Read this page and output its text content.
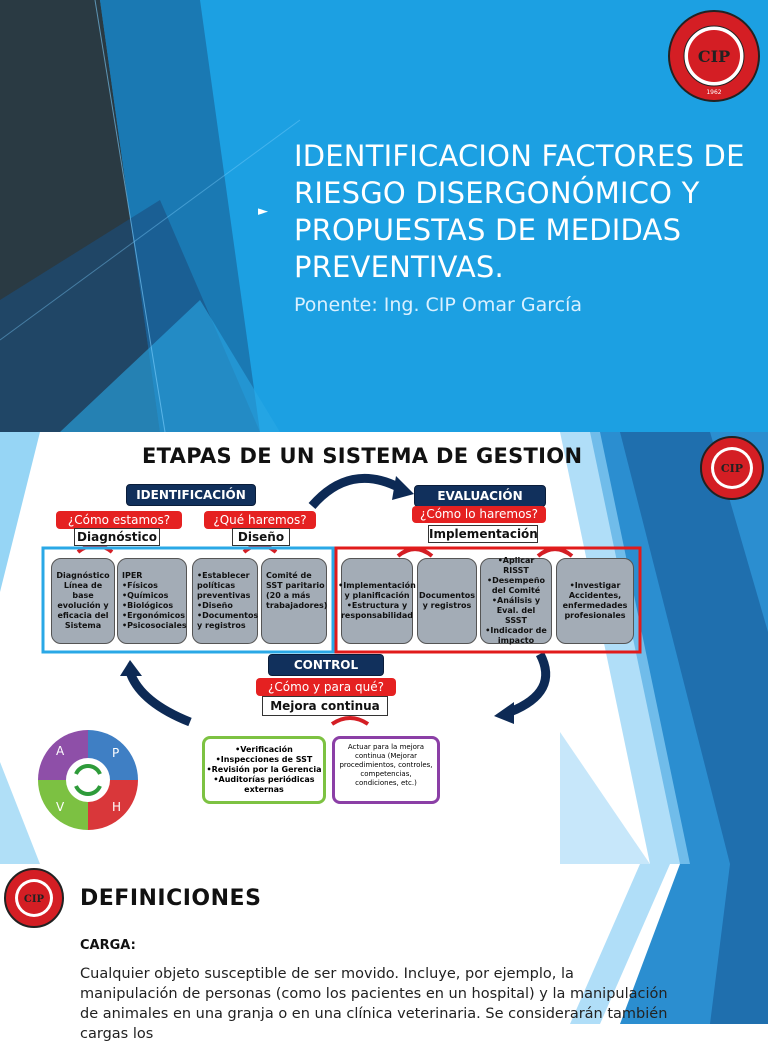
►
IDENTIFICACION FACTORES DE RIESGO DISERGONÓMICO Y PROPUESTAS DE MEDIDAS PREVENTIVAS.
Ponente: Ing. CIP Omar García
CIP
1962
ETAPAS DE UN SISTEMA DE GESTION
CIP
IDENTIFICACIÓN	EVALUACIÓN
CONTROL
¿Cómo estamos?	¿Qué haremos?	¿Cómo lo haremos?
¿Cómo y para qué?
Diagnóstico	Diseño	Implementación
Mejora continua
Diagnóstico Línea de base evolución y eficacia del Sistema
IPER
•Físicos
•Químicos
•Biológicos
•Ergonómicos
•Psicosociales
•Establecer políticas preventivas
•Diseño
•Documentos y registros
Comité de SST paritario (20 a más trabajadores)
•Implementación y planificación
•Estructura y responsabilidad
Documentos y registros
•Aplicar RISST
•Desempeño del Comité
•Análisis y Eval. del SSST
•Indicador de impacto
•Investigar Accidentes, enfermedades profesionales
•Verificación
•Inspecciones de SST
•Revisión por la Gerencia
•Auditorías periódicas externas
Actuar para la mejora continua (Mejorar procedimientos, controles, competencias, condiciones, etc.)
A	P
V	H
CIP DEFINICIONES
CARGA:
Cualquier objeto susceptible de ser movido. Incluye, por ejemplo, la manipulación de personas (como los pacientes en un hospital) y la manipulación de animales en una granja o en una clínica veterinaria. Se considerarán también cargas los
